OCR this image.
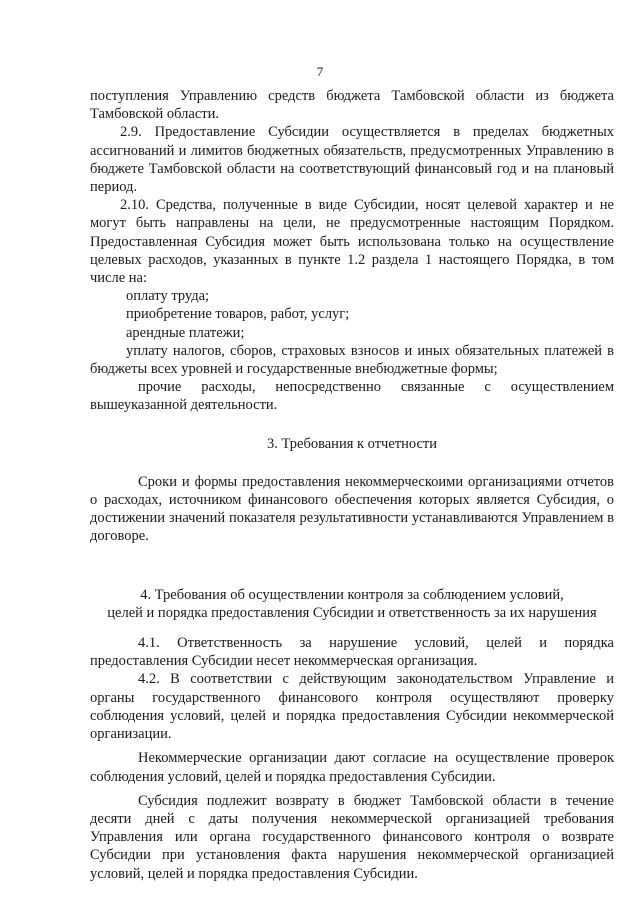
7

поступления Управлению средств бюджета Тамбовской области из бюджета Тамбовской области.

2.9. Предоставление Субсидии осуществляется в пределах бюджетных ассигнований и лимитов бюджетных обязательств, предусмотренных Управлению в бюджете Тамбовской области на соответствующий финансовый год и на плановый период.

2.10. Средства, полученные в виде Субсидии, носят целевой характер и не могут быть направлены на цели, не предусмотренные настоящим Порядком. Предоставленная Субсидия может быть использована только на осуществление целевых расходов, указанных в пункте 1.2 раздела 1 настоящего Порядка, в том числе на:

оплату труда;

приобретение товаров, работ, услуг;

арендные платежи;

уплату налогов, сборов, страховых взносов и иных обязательных платежей в бюджеты всех уровней и государственные внебюджетные формы;

прочие расходы, непосредственно связанные с осуществлением вышеуказанной деятельности.

3. Требования к отчетности

Сроки и формы предоставления некоммерческоими организациями отчетов о расходах, источником финансового обеспечения которых является Субсидия, о достижении значений показателя результативности устанавливаются Управлением в договоре.

4. Требования об осуществлении контроля за соблюдением условий,

целей и порядка предоставления Субсидии и ответственность за их нарушения

4.1. Ответственность за нарушение условий, целей и порядка предоставления Субсидии несет некоммерческая организация.

4.2. В соответствии с действующим законодательством Управление и органы государственного финансового контроля осуществляют проверку соблюдения условий, целей и порядка предоставления Субсидии некоммерческой организации.

Некоммерческие организации дают согласие на осуществление проверок соблюдения условий, целей и порядка предоставления Субсидии.

Субсидия подлежит возврату в бюджет Тамбовской области в течение десяти дней с даты получения некоммерческой организацией требования Управления или органа государственного финансового контроля о возврате Субсидии при установления факта нарушения некоммерческой организацией условий, целей и порядка предоставления Субсидии.
